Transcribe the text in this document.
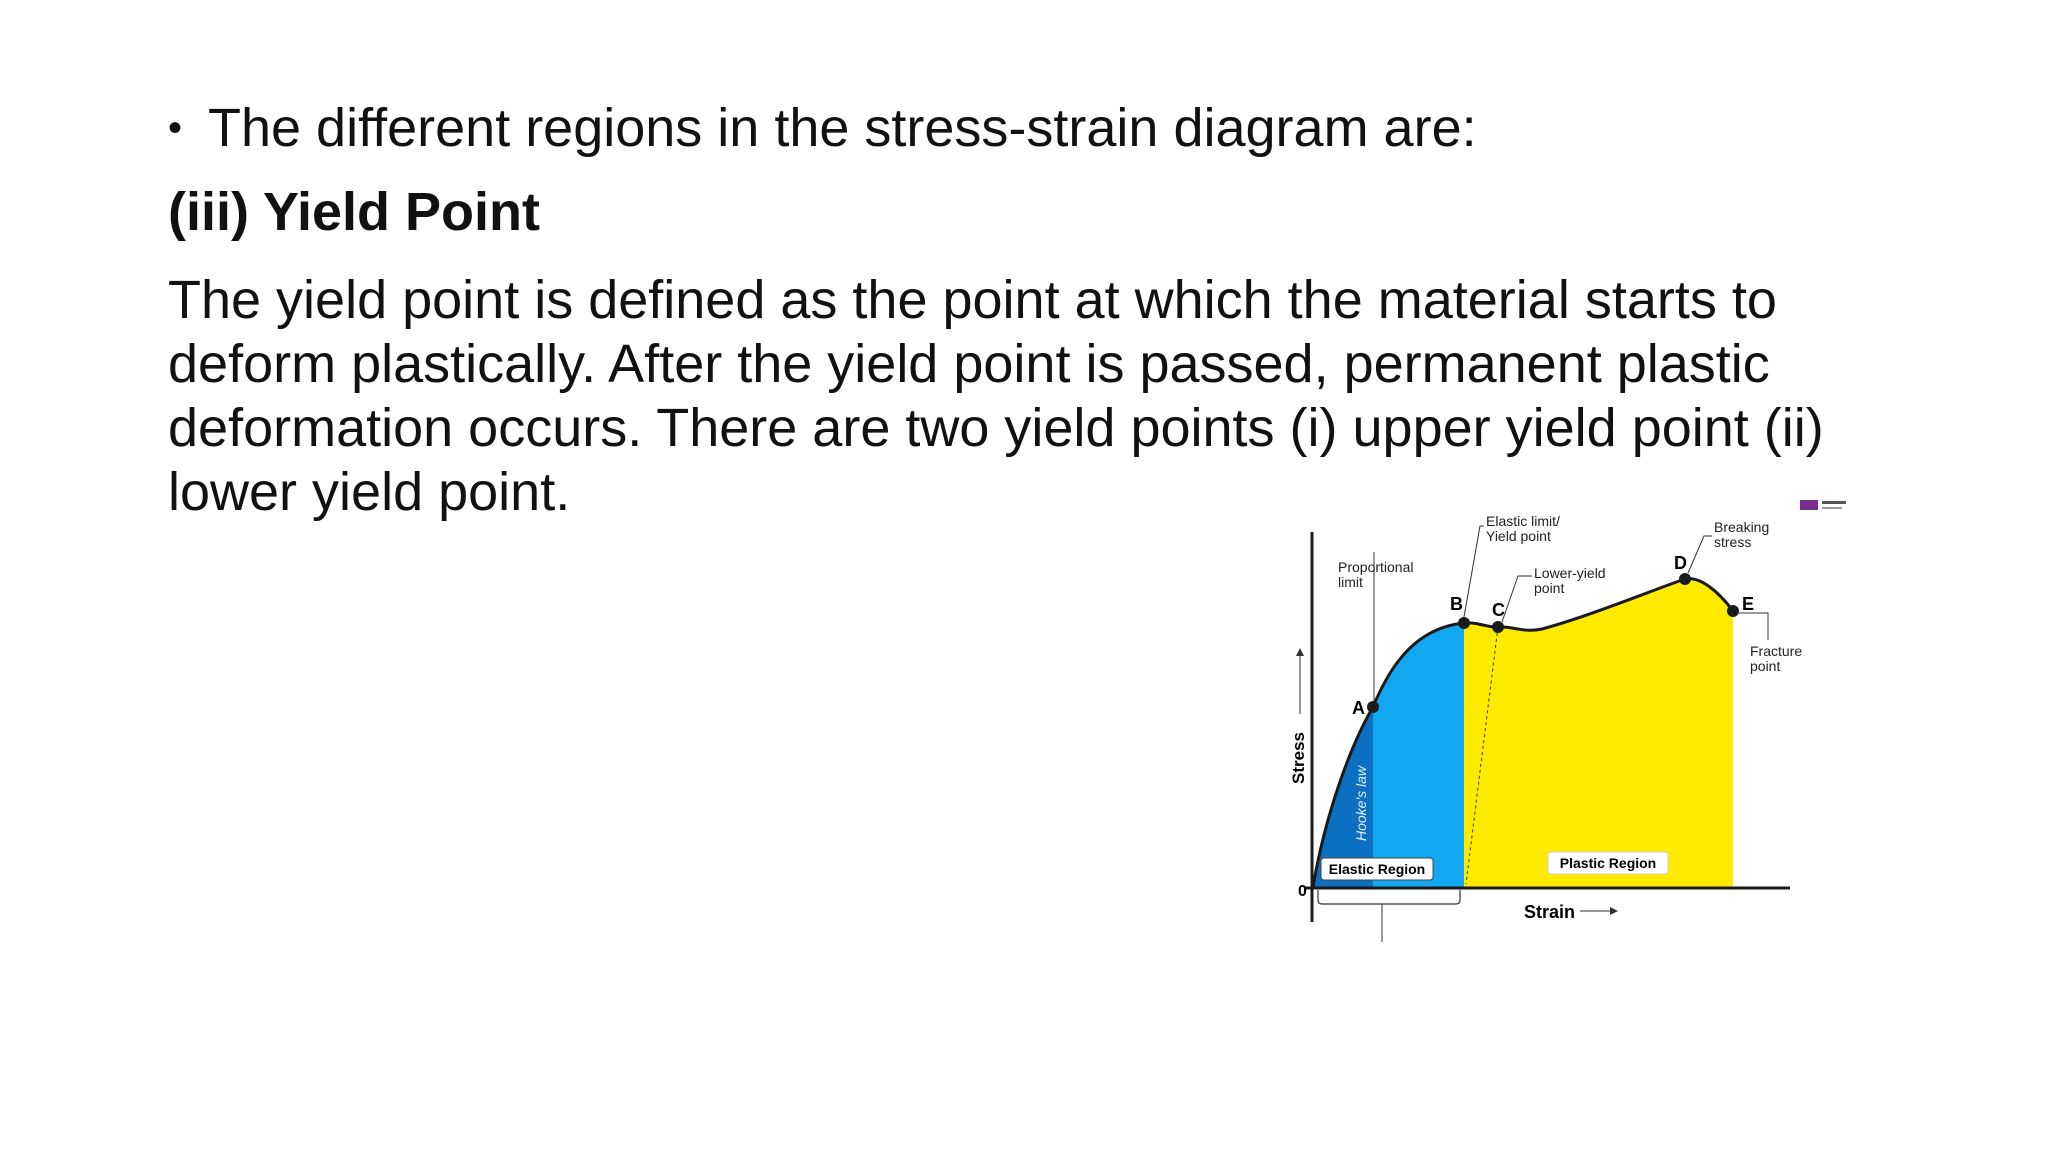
• The different regions in the stress-strain diagram are:
(iii) Yield Point
The yield point is defined as the point at which the material starts to deform plastically. After the yield point is passed, permanent plastic deformation occurs. There are two yield points (i) upper yield point (ii) lower yield point.
0
Stress
Strain
A
B C
D
E
Proportional
limit
Elastic limit/
Yield point
Lower-yield
point
Breaking
stress
Fracture
point
Hooke's law
Elastic Region	Plastic Region
